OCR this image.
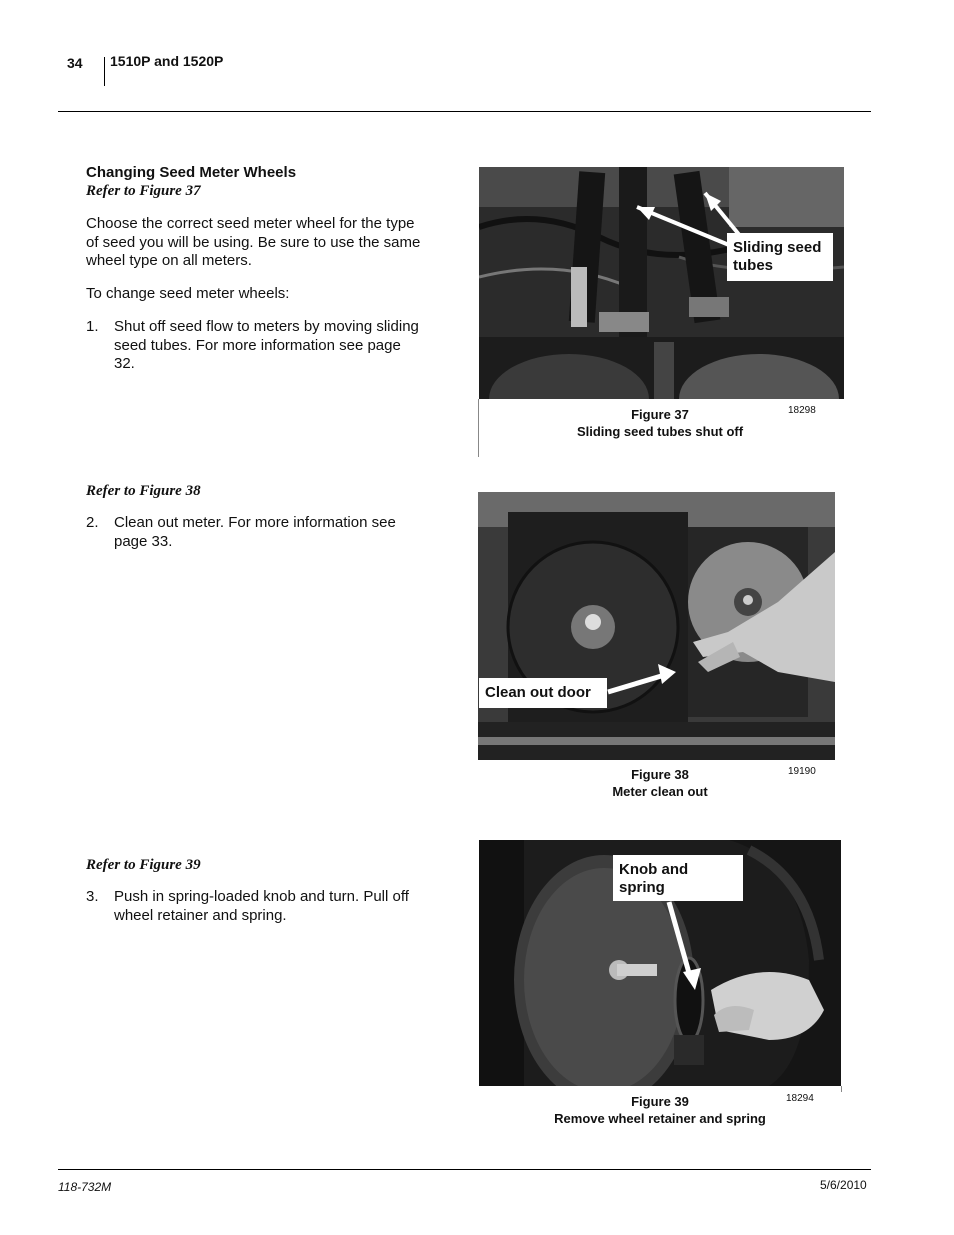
34 1510P and 1520P
Changing Seed Meter Wheels
Refer to Figure 37
Choose the correct seed meter wheel for the type of seed you will be using. Be sure to use the same wheel type on all meters.
To change seed meter wheels:
1. Shut off seed flow to meters by moving sliding seed tubes. For more information see page 32.
Refer to Figure 38
2. Clean out meter. For more information see page 33.
Refer to Figure 39
3. Push in spring-loaded knob and turn. Pull off wheel retainer and spring.
Sliding seed tubes
Figure 37
Sliding seed tubes shut off
18298
Clean out door
Figure 38
Meter clean out
19190
Knob and spring
Figure 39
Remove wheel retainer and spring
18294
118-732M	5/6/2010
